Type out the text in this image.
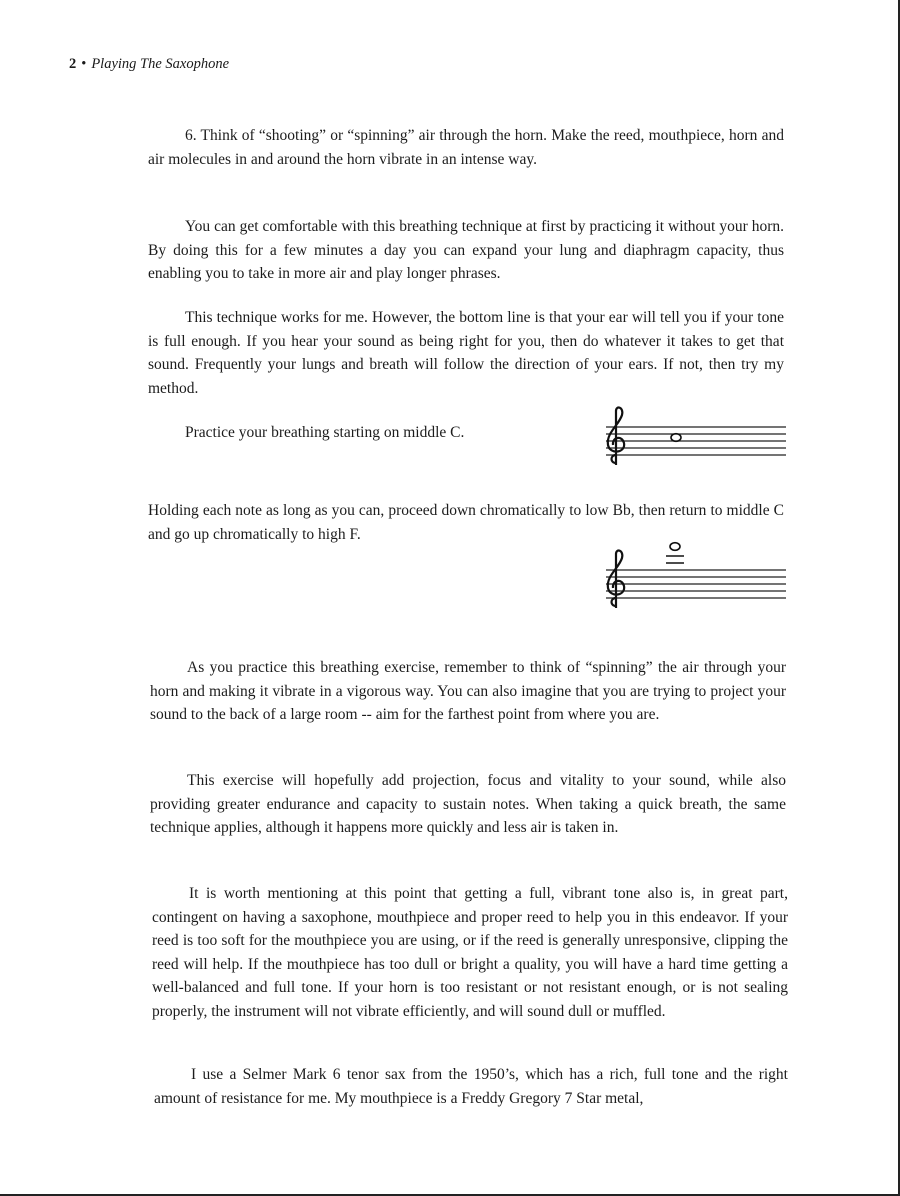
2 • Playing The Saxophone

6. Think of “shooting” or “spinning” air through the horn. Make the reed, mouthpiece, horn and air molecules in and around the horn vibrate in an intense way.

You can get comfortable with this breathing technique at first by practicing it without your horn. By doing this for a few minutes a day you can expand your lung and diaphragm capacity, thus enabling you to take in more air and play longer phrases.

This technique works for me. However, the bottom line is that your ear will tell you if your tone is full enough. If you hear your sound as being right for you, then do whatever it takes to get that sound. Frequently your lungs and breath will follow the direction of your ears. If not, then try my method.

Practice your breathing starting on middle C.

Holding each note as long as you can, proceed down chromatically to low Bb, then return to middle C and go up chromatically to high F.

As you practice this breathing exercise, remember to think of “spinning” the air through your horn and making it vibrate in a vigorous way. You can also imagine that you are trying to project your sound to the back of a large room -- aim for the farthest point from where you are.

This exercise will hopefully add projection, focus and vitality to your sound, while also providing greater endurance and capacity to sustain notes. When taking a quick breath, the same technique applies, although it happens more quickly and less air is taken in.

It is worth mentioning at this point that getting a full, vibrant tone also is, in great part, contingent on having a saxophone, mouthpiece and proper reed to help you in this endeavor. If your reed is too soft for the mouthpiece you are using, or if the reed is generally unresponsive, clipping the reed will help. If the mouthpiece has too dull or bright a quality, you will have a hard time getting a well-balanced and full tone. If your horn is too resistant or not resistant enough, or is not sealing properly, the instrument will not vibrate efficiently, and will sound dull or muffled.

I use a Selmer Mark 6 tenor sax from the 1950’s, which has a rich, full tone and the right amount of resistance for me. My mouthpiece is a Freddy Gregory 7 Star metal,
